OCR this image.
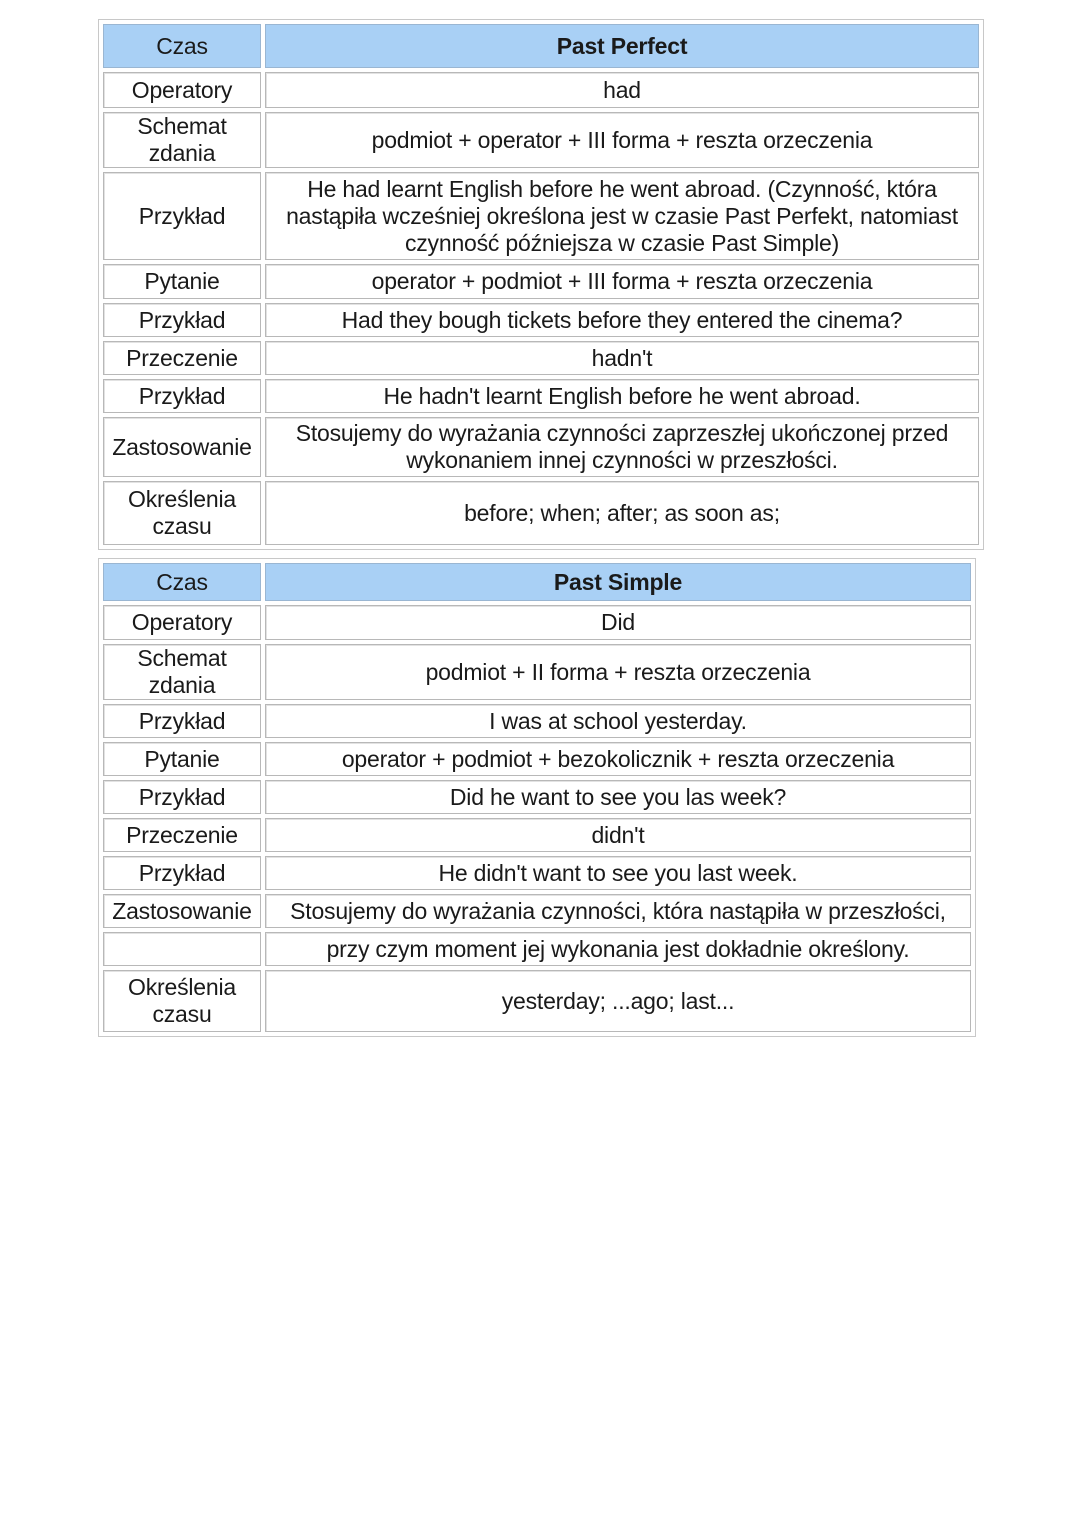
Czas	Past Perfect
Operatory	had
Schemat zdania	podmiot + operator + III forma + reszta orzeczenia
Przykład	He had learnt English before he went abroad. (Czynność, która nastąpiła wcześniej określona jest w czasie Past Perfekt, natomiast czynność późniejsza w czasie Past Simple)
Pytanie	operator + podmiot + III forma + reszta orzeczenia
Przykład	Had they bough tickets before they entered the cinema?
Przeczenie	hadn't
Przykład	He hadn't learnt English before he went abroad.
Zastosowanie	Stosujemy do wyrażania czynności zaprzeszłej ukończonej przed wykonaniem innej czynności w przeszłości.
Określenia czasu	before; when; after; as soon as;
Czas	Past Simple
Operatory	Did
Schemat zdania	podmiot + II forma + reszta orzeczenia
Przykład	I was at school yesterday.
Pytanie	operator + podmiot + bezokolicznik + reszta orzeczenia
Przykład	Did he want to see you las week?
Przeczenie	didn't
Przykład	He didn't want to see you last week.
Zastosowanie	Stosujemy do wyrażania czynności, która nastąpiła w przeszłości,
	przy czym moment jej wykonania jest dokładnie określony.
Określenia czasu	yesterday; ...ago; last...
